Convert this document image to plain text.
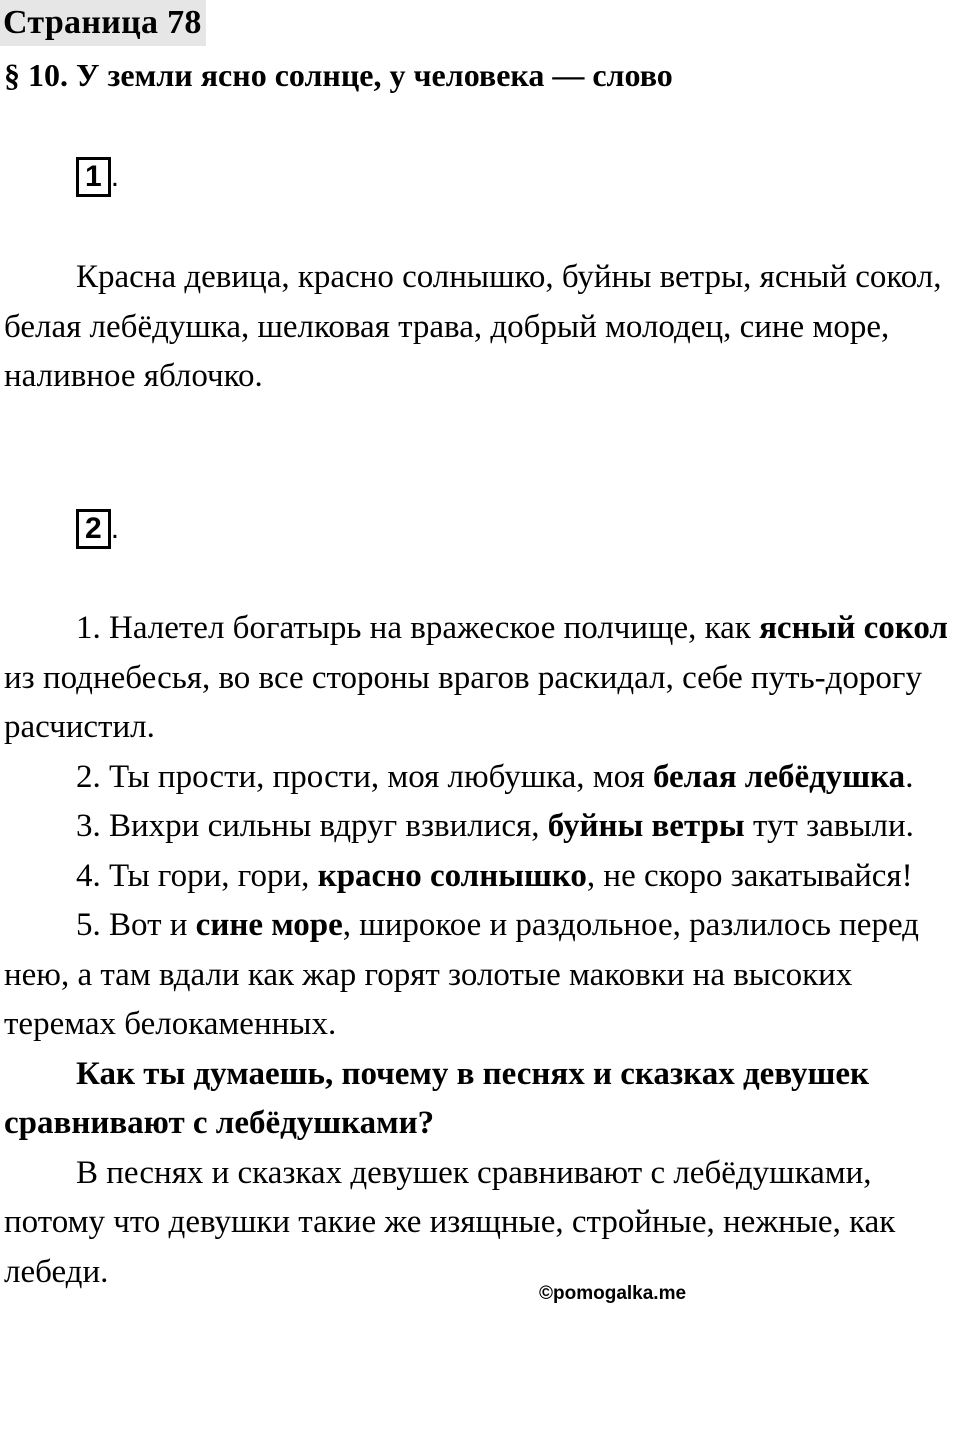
Страница 78
§ 10. У земли ясно солнце, у человека — слово
1 .

Красна девица, красно солнышко, буйны ветры, ясный сокол, белая лебёдушка, шелковая трава, добрый молодец, сине море, наливное яблочко.

2 .

1. Налетел богатырь на вражеское полчище, как ясный сокол из поднебесья, во все стороны врагов раскидал, себе путь-дорогу расчистил.

2. Ты прости, прости, моя любушка, моя белая лебёдушка.

3. Вихри сильны вдруг взвилися, буйны ветры тут завыли.

4. Ты гори, гори, красно солнышко, не скоро закатывайся!

5. Вот и сине море, широкое и раздольное, разлилось перед нею, а там вдали как жар горят золотые маковки на высоких теремах белокаменных.

Как ты думаешь, почему в песнях и сказках девушек сравнивают с лебёдушками?

В песнях и сказках девушек сравнивают с лебёдушками, потому что девушки такие же изящные, стройные, нежные, как лебеди.

©pomogalka.me
